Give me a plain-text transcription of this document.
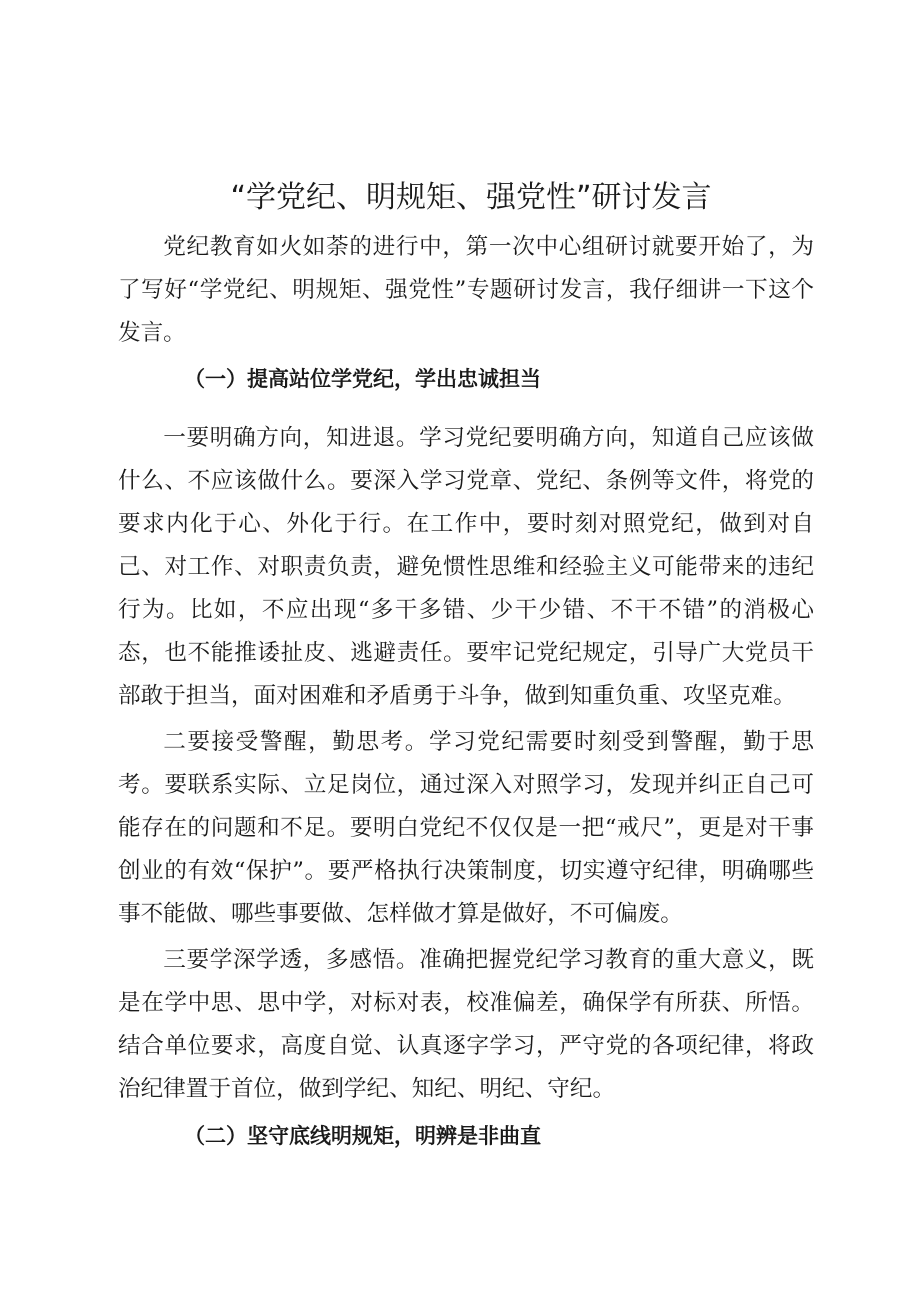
“学党纪、明规矩、强党性”研讨发言

党纪教育如火如荼的进行中，第一次中心组研讨就要开始了，为了写好“学党纪、明规矩、强党性”专题研讨发言，我仔细讲一下这个发言。

（一）提高站位学党纪，学出忠诚担当

一要明确方向，知进退。学习党纪要明确方向，知道自己应该做什么、不应该做什么。要深入学习党章、党纪、条例等文件，将党的要求内化于心、外化于行。在工作中，要时刻对照党纪，做到对自己、对工作、对职责负责，避免惯性思维和经验主义可能带来的违纪行为。比如，不应出现“多干多错、少干少错、不干不错”的消极心态，也不能推诿扯皮、逃避责任。要牢记党纪规定，引导广大党员干部敢于担当，面对困难和矛盾勇于斗争，做到知重负重、攻坚克难。

二要接受警醒，勤思考。学习党纪需要时刻受到警醒，勤于思考。要联系实际、立足岗位，通过深入对照学习，发现并纠正自己可能存在的问题和不足。要明白党纪不仅仅是一把“戒尺”，更是对干事创业的有效“保护”。要严格执行决策制度，切实遵守纪律，明确哪些事不能做、哪些事要做、怎样做才算是做好，不可偏废。

三要学深学透，多感悟。准确把握党纪学习教育的重大意义，既是在学中思、思中学，对标对表，校准偏差，确保学有所获、所悟。结合单位要求，高度自觉、认真逐字学习，严守党的各项纪律，将政治纪律置于首位，做到学纪、知纪、明纪、守纪。

（二）坚守底线明规矩，明辨是非曲直
